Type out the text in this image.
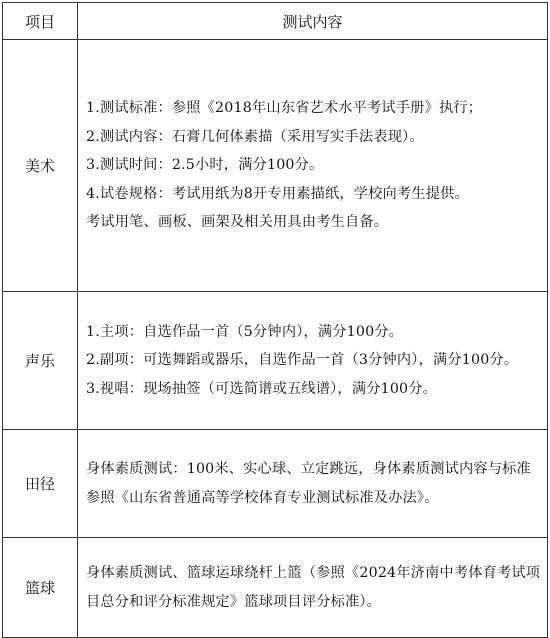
项目	测试内容
美术	1.测试标准：参照《2018年山东省艺术水平考试手册》执行；
2.测试内容：石膏几何体素描（采用写实手法表现）。
3.测试时间：2.5小时，满分100分。
4.试卷规格：考试用纸为8开专用素描纸，学校向考生提供。
考试用笔、画板、画架及相关用具由考生自备。

声乐	1.主项：自选作品一首（5分钟内），满分100分。
2.副项：可选舞蹈或器乐，自选作品一首（3分钟内），满分100分。
3.视唱：现场抽签（可选简谱或五线谱），满分100分。

田径	身体素质测试：100米、实心球、立定跳远，身体素质测试内容与标准参照《山东省普通高等学校体育专业测试标准及办法》。

篮球	身体素质测试、篮球运球绕杆上篮（参照《2024年济南中考体育考试项目总分和评分标准规定》篮球项目评分标准）。
